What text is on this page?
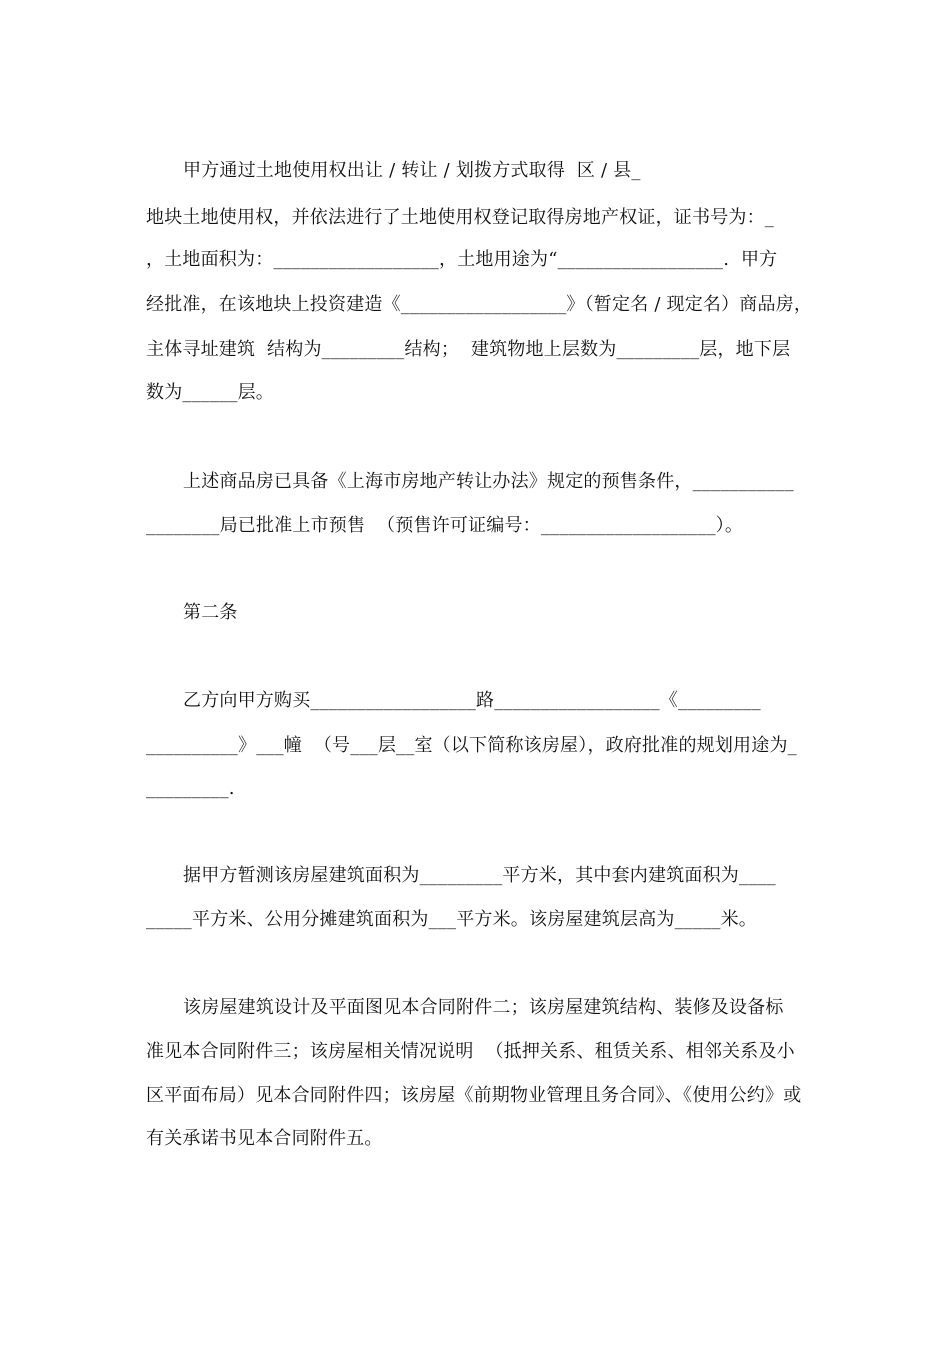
甲方通过土地使用权出让 / 转让 / 划拨方式取得  区 / 县_
地块土地使用权，并依法进行了土地使用权登记取得房地产权证，证书号为：_
，土地面积为：__________________，土地用途为“__________________.  甲方
经批准，在该地块上投资建造《__________________》（暂定名 / 现定名）商品房，
主体寻址建筑  结构为_________结构；  建筑物地上层数为_________层，地下层
数为______层。
上述商品房已具备《上海市房地产转让办法》规定的预售条件，___________
________局已批准上市预售  （预售许可证编号：___________________）。
第二条
乙方向甲方购买__________________路__________________《_________
__________》___幢  （号___层__室（以下简称该房屋），政府批准的规划用途为_
_________.
据甲方暂测该房屋建筑面积为_________平方米，其中套内建筑面积为____
_____平方米、公用分摊建筑面积为___平方米。该房屋建筑层高为_____米。
该房屋建筑设计及平面图见本合同附件二；该房屋建筑结构、装修及设备标
准见本合同附件三；该房屋相关情况说明  （抵押关系、租赁关系、相邻关系及小
区平面布局）见本合同附件四；该房屋《前期物业管理且务合同》、《使用公约》或
有关承诺书见本合同附件五。
